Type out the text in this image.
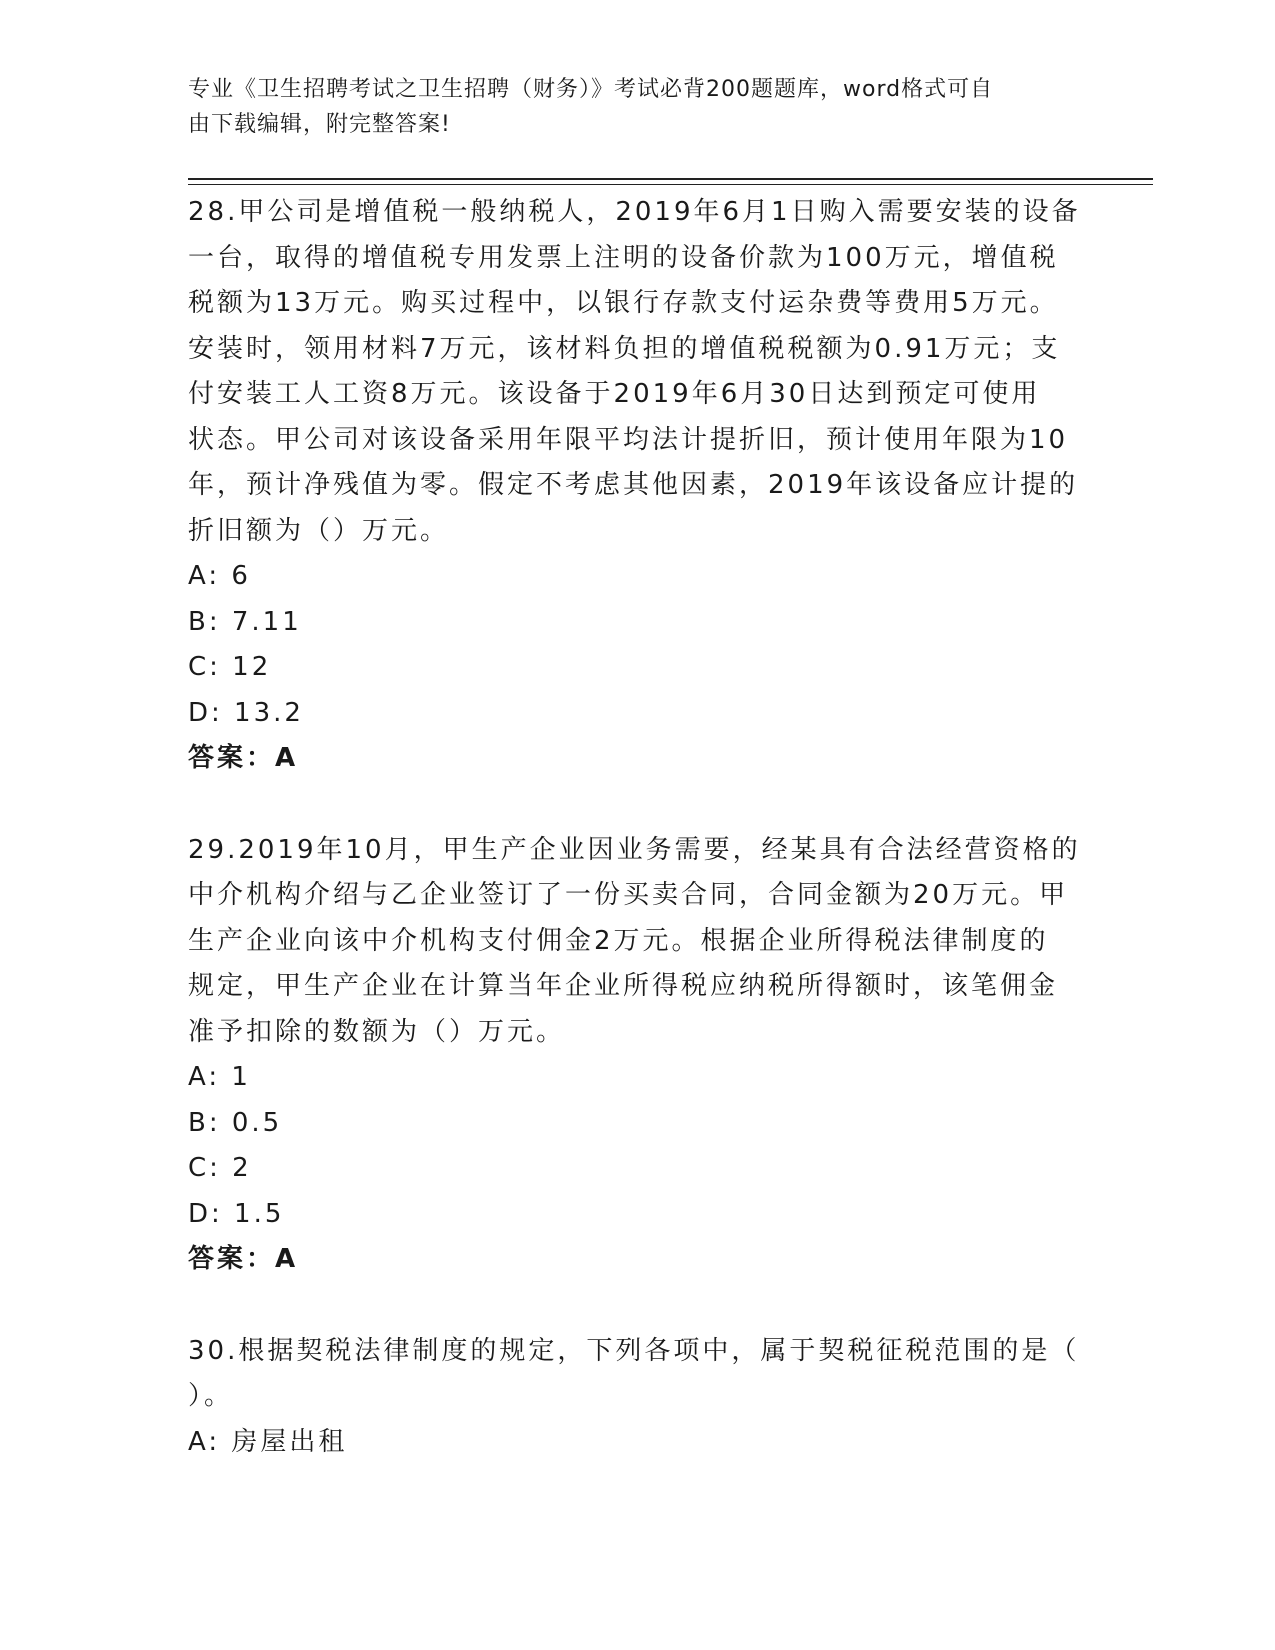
专业《卫生招聘考试之卫生招聘（财务）》考试必背200题题库，word格式可自
由下载编辑，附完整答案!

28.甲公司是增值税一般纳税人，2019年6月1日购入需要安装的设备
一台，取得的增值税专用发票上注明的设备价款为100万元，增值税
税额为13万元。购买过程中，以银行存款支付运杂费等费用5万元。
安装时，领用材料7万元，该材料负担的增值税税额为0.91万元；支
付安装工人工资8万元。该设备于2019年6月30日达到预定可使用
状态。甲公司对该设备采用年限平均法计提折旧，预计使用年限为10
年，预计净残值为零。假定不考虑其他因素，2019年该设备应计提的
折旧额为（）万元。

A: 6

B: 7.11

C: 12

D: 13.2

答案：A

29.2019年10月，甲生产企业因业务需要，经某具有合法经营资格的
中介机构介绍与乙企业签订了一份买卖合同，合同金额为20万元。甲
生产企业向该中介机构支付佣金2万元。根据企业所得税法律制度的
规定，甲生产企业在计算当年企业所得税应纳税所得额时，该笔佣金
准予扣除的数额为（）万元。

A: 1

B: 0.5

C: 2

D: 1.5

答案：A

30.根据契税法律制度的规定，下列各项中，属于契税征税范围的是（
）。

A: 房屋出租
